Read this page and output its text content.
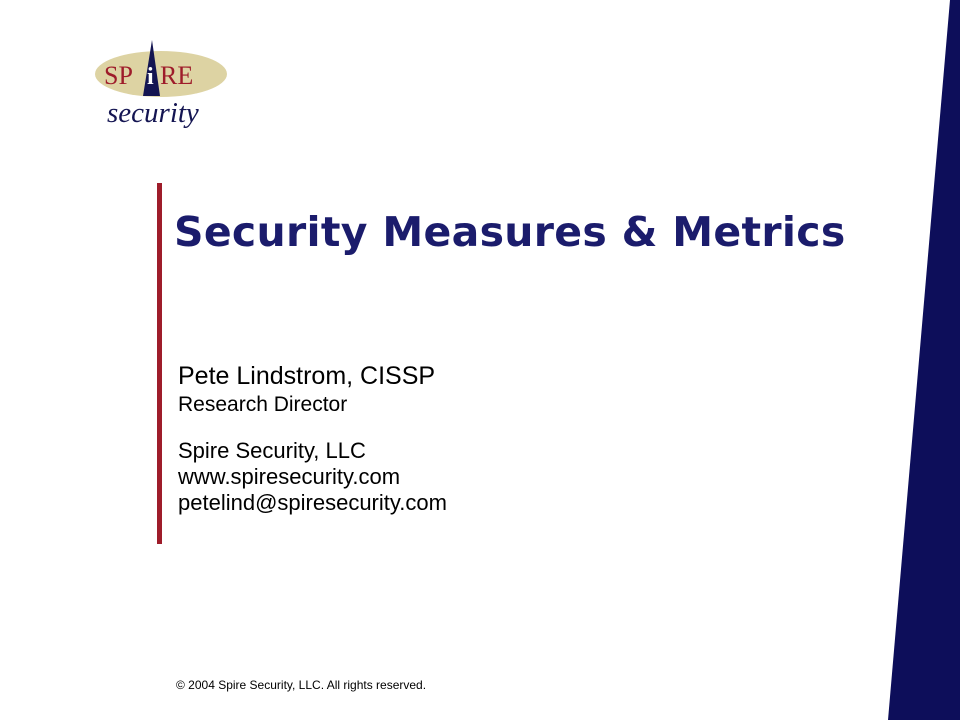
SP i RE
security
Security Measures & Metrics
Pete Lindstrom, CISSP
Research Director
Spire Security, LLC
www.spiresecurity.com
petelind@spiresecurity.com
© 2004 Spire Security, LLC. All rights reserved.
